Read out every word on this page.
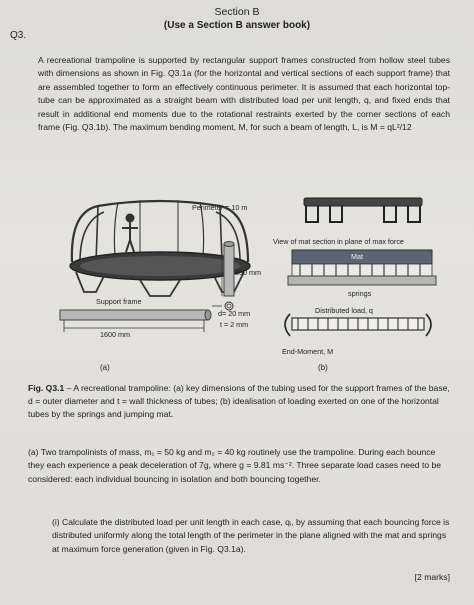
Section B
(Use a Section B answer book)
Q3.
A recreational trampoline is supported by rectangular support frames constructed from hollow steel tubes with dimensions as shown in Fig. Q3.1a (for the horizontal and vertical sections of each support frame) that are assembled together to form an effectively continuous perimeter. It is assumed that each horizontal top-tube can be approximated as a straight beam with distributed load per unit length, q, and fixed ends that result in additional end moments due to the rotational restraints exerted by the corner sections of each frame (Fig. Q3.1b). The maximum bending moment, M, for such a beam of length, L, is M = qL²/12
Perimeter = 10 m
850 mm
Support frame
1600 mm
d= 20 mm
t = 2 mm
(a)
View of mat section in plane of max force
Mat
springs
Distributed load, q
End-Moment, M
(b)
Fig. Q3.1 – A recreational trampoline: (a) key dimensions of the tubing used for the support frames of the base, d = outer diameter and t = wall thickness of tubes; (b) idealisation of loading exerted on one of the horizontal tubes by the springs and jumping mat.
(a) Two trampolinists of mass, m₁ = 50 kg and m₂ = 40 kg routinely use the trampoline. During each bounce they each experience a peak deceleration of 7g, where g = 9.81 ms⁻². Three separate load cases need to be considered: each individual bouncing in isolation and both bouncing together.
(i) Calculate the distributed load per unit length in each case, qᵢ, by assuming that each bouncing force is distributed uniformly along the total length of the perimeter in the plane aligned with the mat and springs at maximum force generation (given in Fig. Q3.1a).
[2 marks]
